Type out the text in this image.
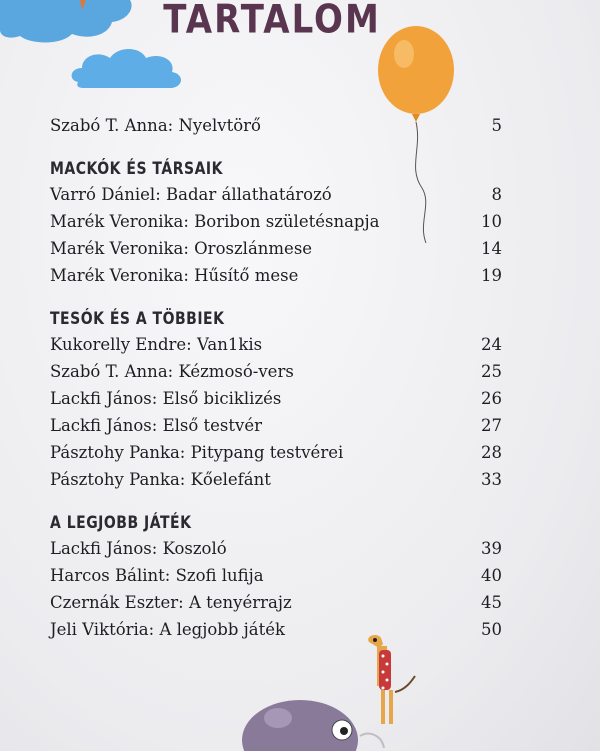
TARTALOM
Szabó T. Anna: Nyelvtörő	5
MACKÓK ÉS TÁRSAIK
Varró Dániel: Badar állathatározó	8
Marék Veronika: Boribon születésnapja	10
Marék Veronika: Oroszlánmese	14
Marék Veronika: Hűsítő mese	19
TESÓK ÉS A TÖBBIEK
Kukorelly Endre: Van1kis	24
Szabó T. Anna: Kézmosó-vers	25
Lackfi János: Első biciklizés	26
Lackfi János: Első testvér	27
Pásztohy Panka: Pitypang testvérei	28
Pásztohy Panka: Kőelefánt	33
A LEGJOBB JÁTÉK
Lackfi János: Koszoló	39
Harcos Bálint: Szofi lufija	40
Czernák Eszter: A tenyérrajz	45
Jeli Viktória: A legjobb játék	50
